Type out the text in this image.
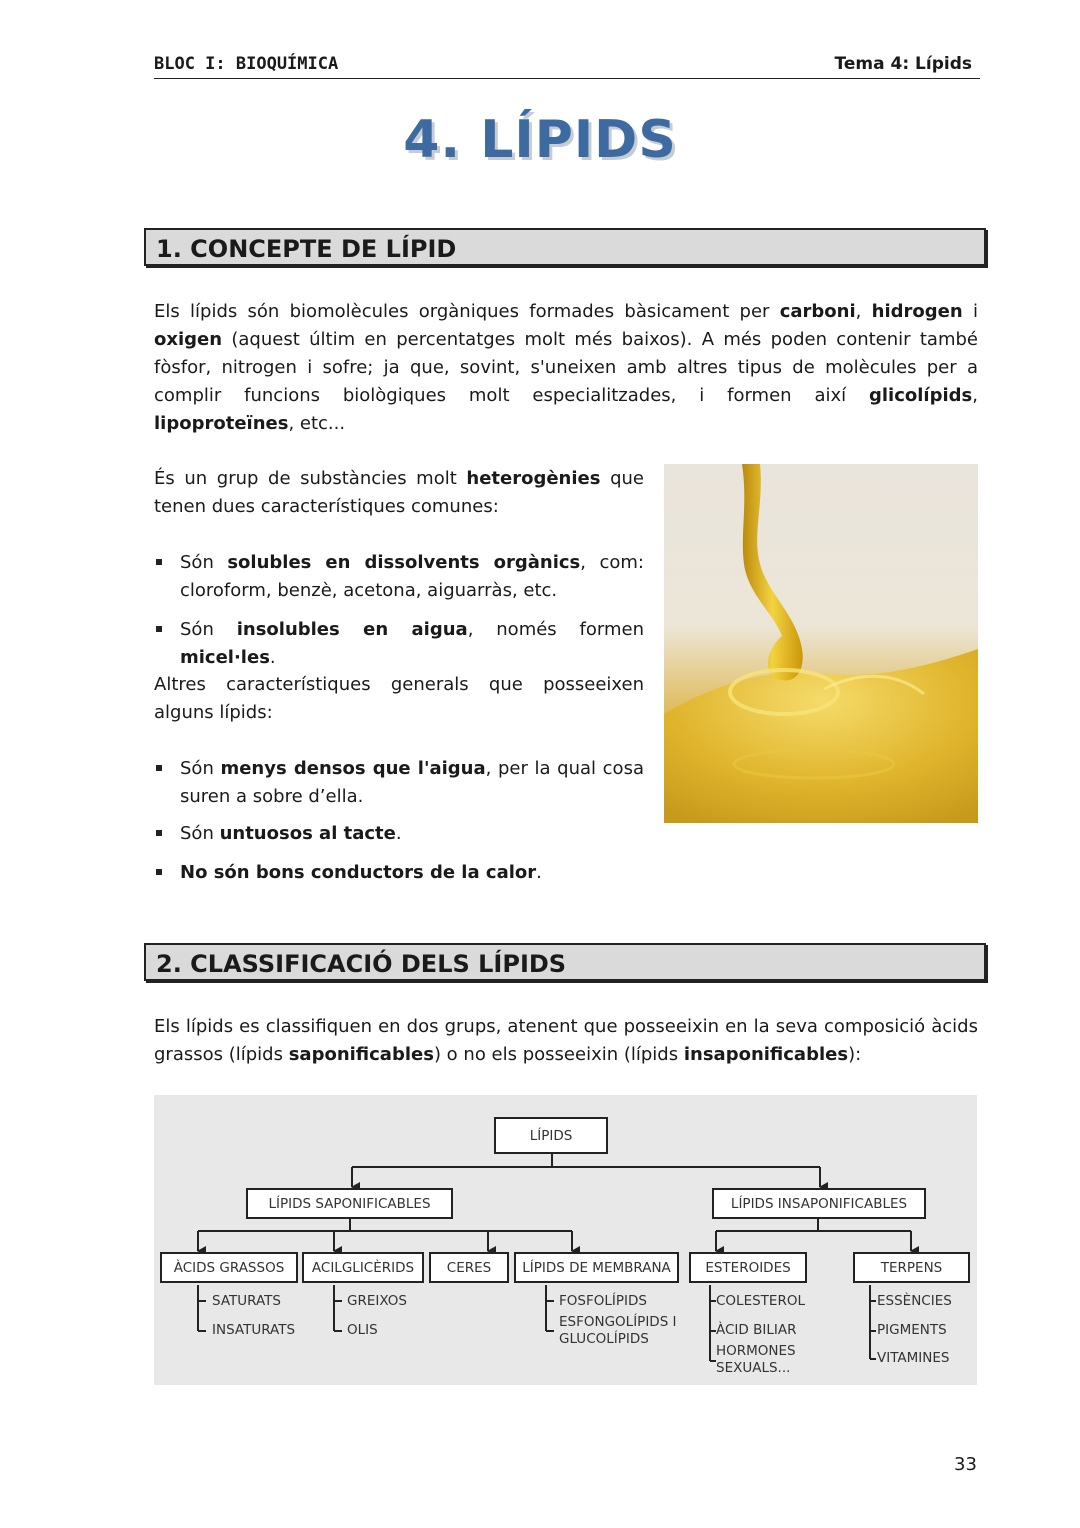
BLOC I: BIOQUÍMICA	Tema 4: Lípids
4. LÍPIDS
1. CONCEPTE DE LÍPID

Els lípids són biomolècules orgàniques formades bàsicament per carboni, hidrogen i oxigen (aquest últim en percentatges molt més baixos). A més poden contenir també fòsfor, nitrogen i sofre; ja que, sovint, s'uneixen amb altres tipus de molècules per a complir funcions biològiques molt especialitzades, i formen així glicolípids, lipoproteïnes, etc...

És un grup de substàncies molt heterogènies que tenen dues característiques comunes:

Són solubles en dissolvents orgànics, com: cloroform, benzè, acetona, aiguarràs, etc.
Són insolubles en aigua, només formen micel·les.

Altres característiques generals que posseeixen alguns lípids:

Són menys densos que l'aigua, per la qual cosa suren a sobre d’ella.
Són untuosos al tacte.
No són bons conductors de la calor.
2. CLASSIFICACIÓ DELS LÍPIDS

Els lípids es classifiquen en dos grups, atenent que posseeixin en la seva composició àcids grassos (lípids saponificables) o no els posseeixin (lípids insaponificables):

LÍPIDS
LÍPIDS SAPONIFICABLES	LÍPIDS INSAPONIFICABLES
ÀCIDS GRASSOS	ACILGLICÈRIDS	CERES	LÍPIDS DE MEMBRANA	ESTEROIDES	TERPENS
SATURATS
INSATURATS
GREIXOS
OLIS
FOSFOLÍPIDS
ESFONGOLÍPIDS I
GLUCOLÍPIDS
COLESTEROL
ÀCID BILIAR
HORMONES
SEXUALS...
ESSÈNCIES
PIGMENTS
VITAMINES
33
